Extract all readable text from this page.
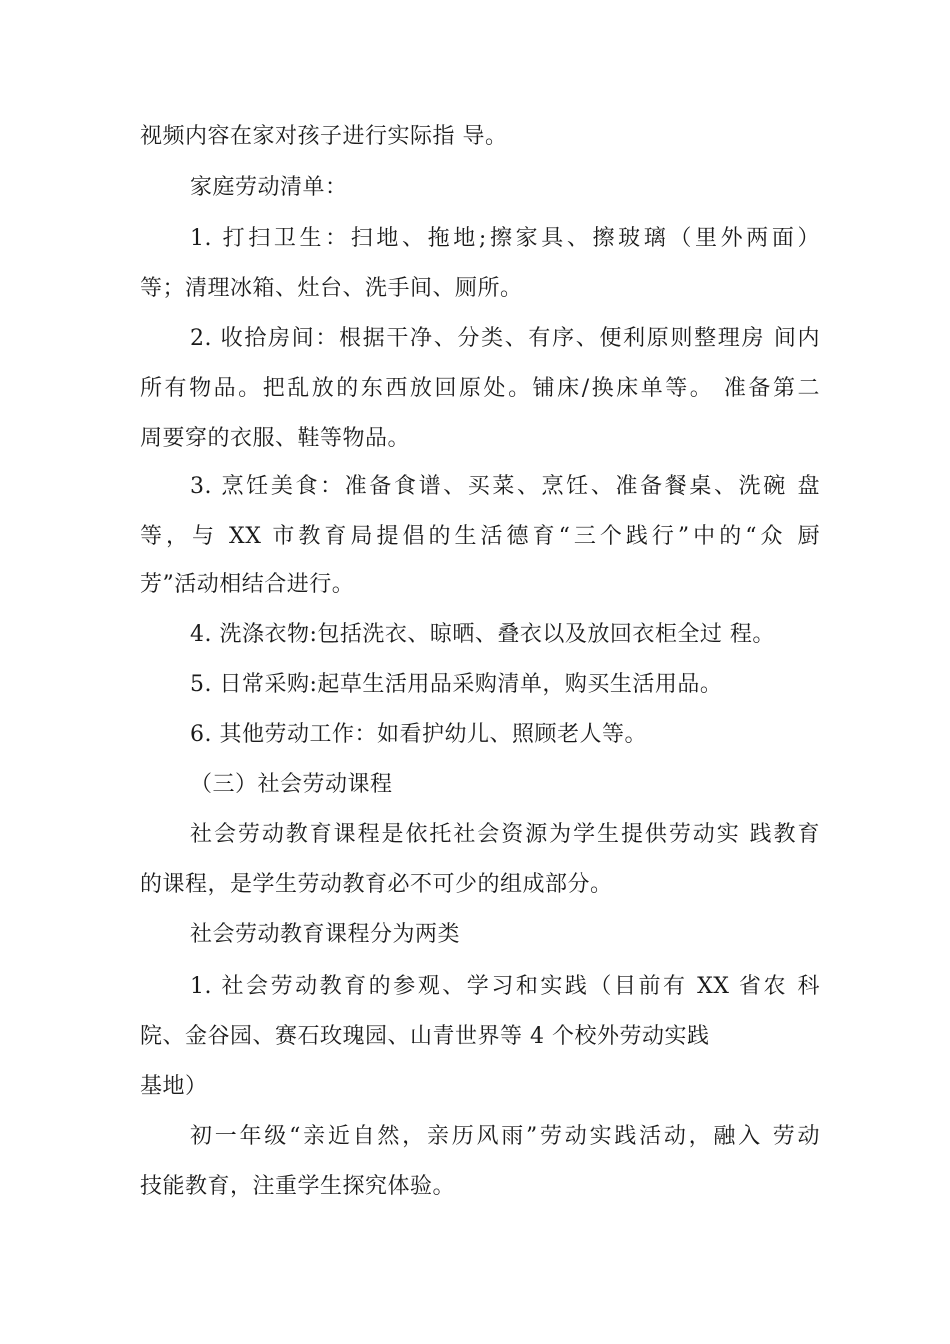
视频内容在家对孩子进行实际指 导。
家庭劳动清单：
1. 打扫卫生：扫地、拖地;擦家具、擦玻璃（里外两面）
等；清理冰箱、灶台、洗手间、厕所。
2. 收拾房间：根据干净、分类、有序、便利原则整理房 间内
所有物品。把乱放的东西放回原处。铺床/换床单等。 准备第二
周要穿的衣服、鞋等物品。
3. 烹饪美食：准备食谱、买菜、烹饪、准备餐桌、洗碗 盘
等，与 XX 市教育局提倡的生活德育“三个践行”中的“众 厨
芳”活动相结合进行。
4. 洗涤衣物:包括洗衣、晾晒、叠衣以及放回衣柜全过 程。
5. 日常采购:起草生活用品采购清单，购买生活用品。
6. 其他劳动工作：如看护幼儿、照顾老人等。
（三）社会劳动课程
社会劳动教育课程是依托社会资源为学生提供劳动实 践教育
的课程，是学生劳动教育必不可少的组成部分。
社会劳动教育课程分为两类
1. 社会劳动教育的参观、学习和实践（目前有 XX 省农 科
院、金谷园、赛石玫瑰园、山青世界等 4 个校外劳动实践
基地）
初一年级“亲近自然，亲历风雨”劳动实践活动，融入 劳动
技能教育，注重学生探究体验。
